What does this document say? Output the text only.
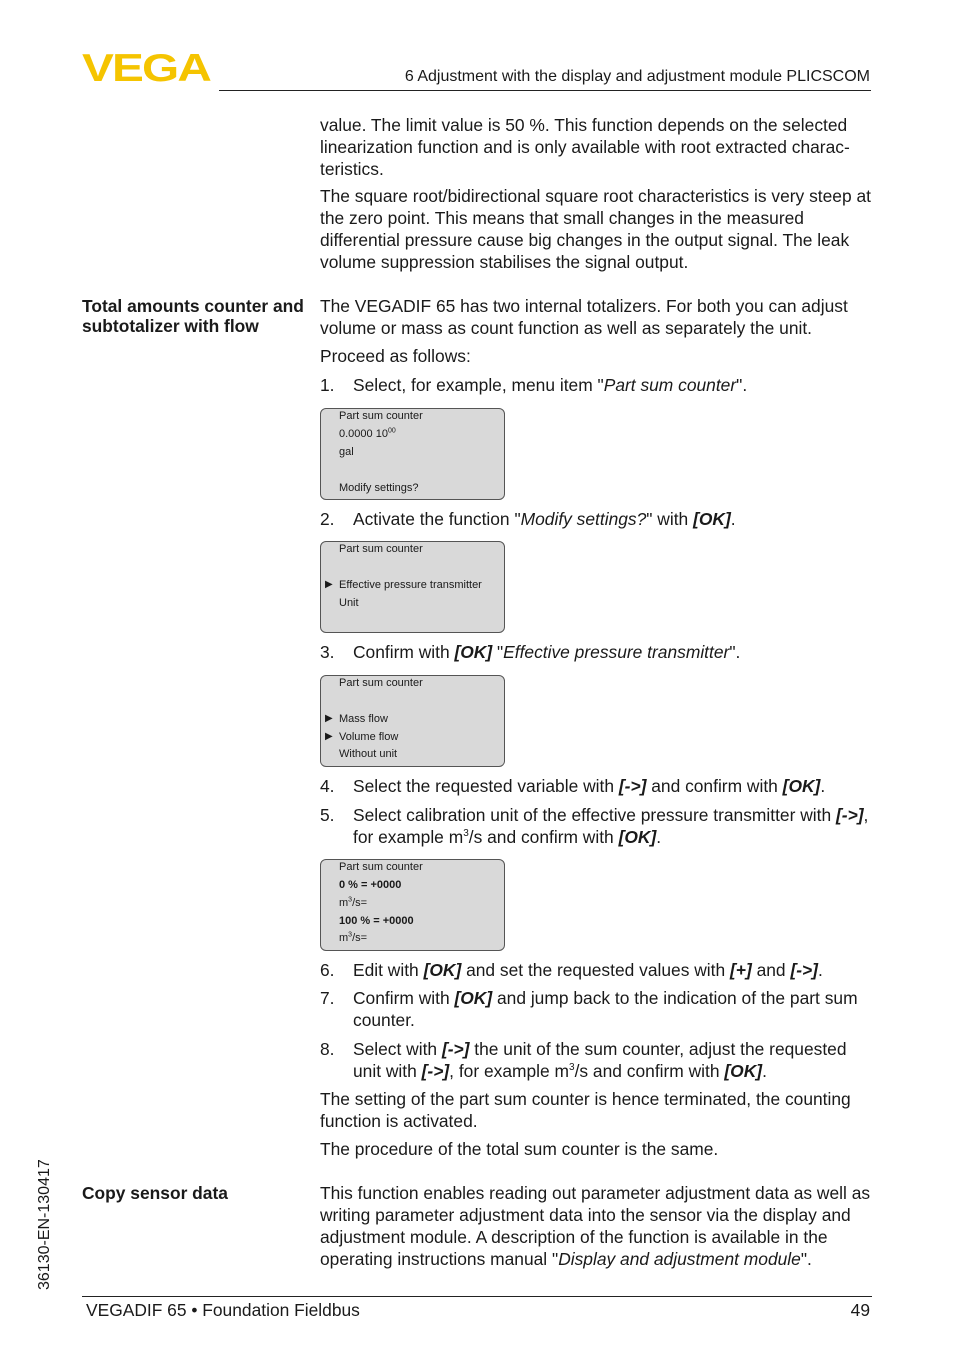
VEGA	6 Adjustment with the display and adjustment module PLICSCOM

value. The limit value is 50 %. This function depends on the selected linearization function and is only available with root extracted charac-teristics.

The square root/bidirectional square root characteristics is very steep at the zero point. This means that small changes in the measured differential pressure cause big changes in the output signal. The leak volume suppression stabilises the signal output.

Total amounts counter and subtotalizer with flow

The VEGADIF 65 has two internal totalizers. For both you can adjust volume or mass as count function as well as separately the unit.

Proceed as follows:

1. Select, for example, menu item "Part sum counter".
Part sum counter
0.0000 $10^{00}$
gal
Modify settings?
2. Activate the function "Modify settings?" with [OK].
Part sum counter
▶ Effective pressure transmitter
Unit
3. Confirm with [OK] "Effective pressure transmitter".
Part sum counter
▶ Mass flow
▶ Volume flow
Without unit
4. Select the requested variable with [->] and confirm with [OK].
5. Select calibration unit of the effective pressure transmitter with [->], for example $m^3/s$ and confirm with [OK].
Part sum counter
0 % = +0000
$m^3/s=$
100 % = +0000
$m^3/s=$
6. Edit with [OK] and set the requested values with [+] and [->].
7. Confirm with [OK] and jump back to the indication of the part sum counter.
8. Select with [->] the unit of the sum counter, adjust the requested unit with [->], for example $m^3/s$ and confirm with [OK].

The setting of the part sum counter is hence terminated, the counting function is activated.

The procedure of the total sum counter is the same.

Copy sensor data	This function enables reading out parameter adjustment data as well as writing parameter adjustment data into the sensor via the display and adjustment module. A description of the function is available in the operating instructions manual "Display and adjustment module".

36130-EN-130417
VEGADIF 65 • Foundation Fieldbus	49
